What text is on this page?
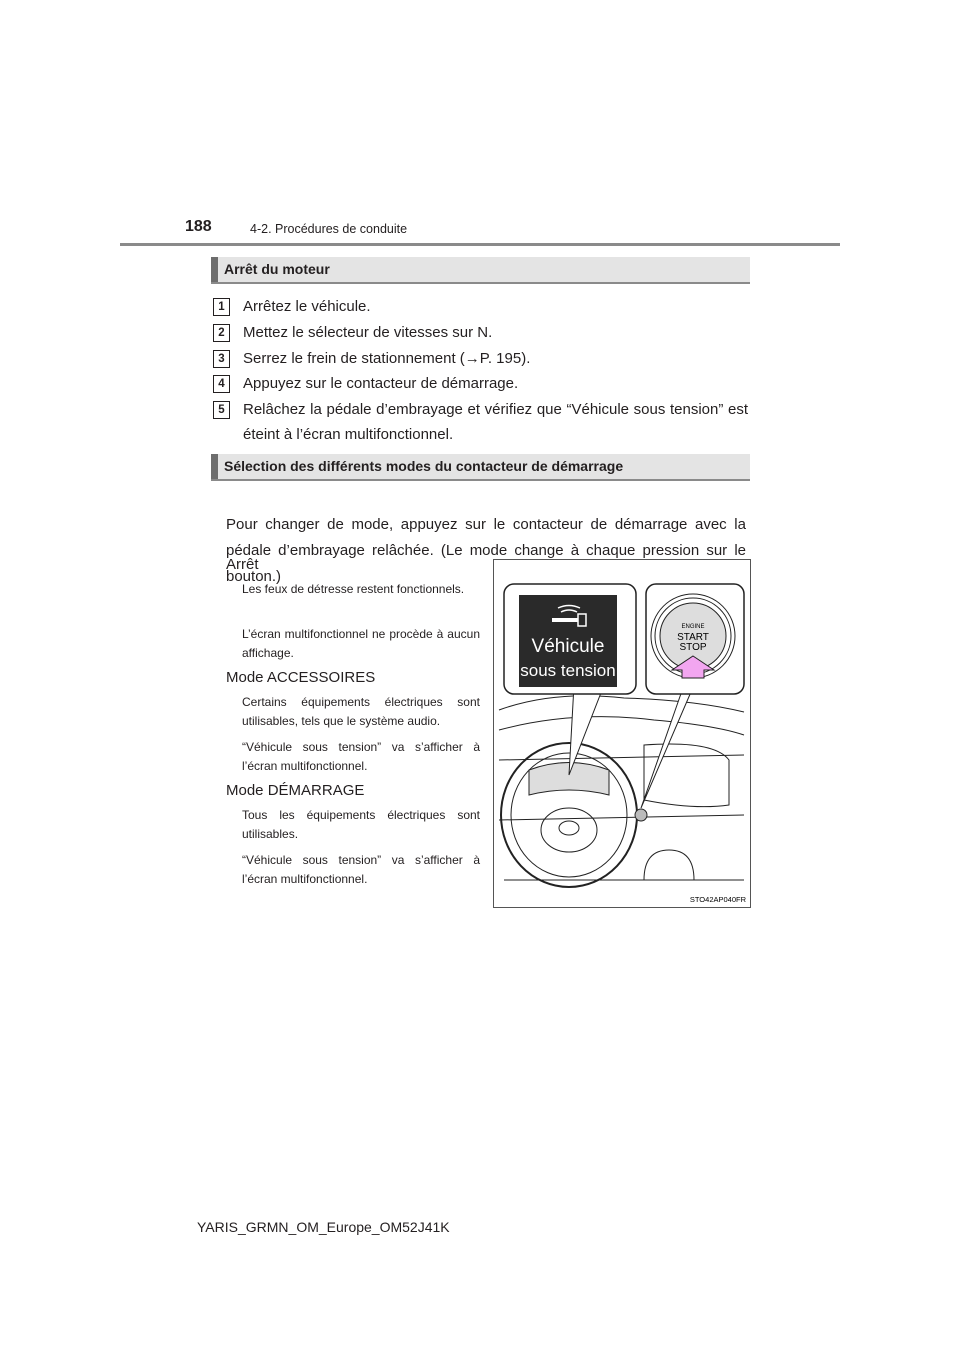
188	4-2. Procédures de conduite
Arrêt du moteur
1	Arrêtez le véhicule.
2	Mettez le sélecteur de vitesses sur N.
3	Serrez le frein de stationnement (→P. 195).
4	Appuyez sur le contacteur de démarrage.
5	Relâchez la pédale d’embrayage et vérifiez que “Véhicule sous tension” est éteint à l’écran multifonctionnel.
Sélection des différents modes du contacteur de démarrage
Pour changer de mode, appuyez sur le contacteur de démarrage avec la pédale d’embrayage relâchée. (Le mode change à chaque pression sur le bouton.)
Arrêt
Les feux de détresse restent fonctionnels.
L’écran multifonctionnel ne procède à aucun affichage.
Mode ACCESSOIRES
Certains équipements électriques sont utilisables, tels que le système audio.
“Véhicule sous tension” va s’afficher à l’écran multifonctionnel.
Mode DÉMARRAGE
Tous les équipements électriques sont utilisables.
“Véhicule sous tension” va s’afficher à l’écran multifonctionnel.
Véhicule
sous tension
ENGINE
START
STOP
STO42AP040FR
YARIS_GRMN_OM_Europe_OM52J41K
